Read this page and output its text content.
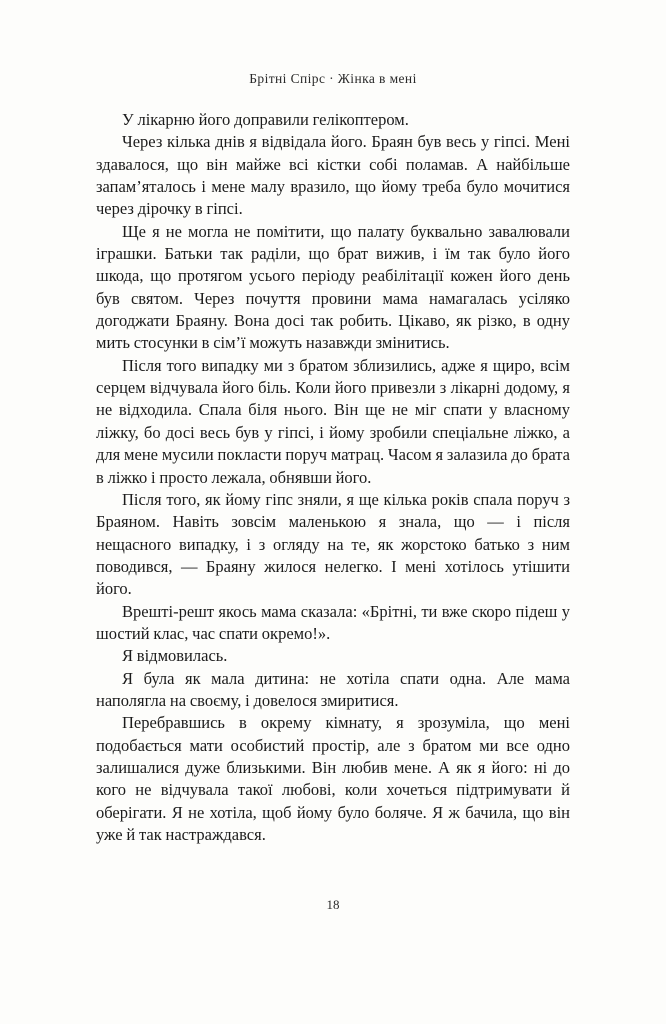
Брітні Спірс · Жінка в мені

У лікарню його доправили гелікоптером.

Через кілька днів я відвідала його. Браян був весь у гіпсі. Мені здавалося, що він майже всі кістки собі поламав. А найбільше запам’яталось і мене малу вразило, що йому треба було мочитися через дірочку в гіпсі.

Ще я не могла не помітити, що палату буквально завалювали іграшки. Батьки так раділи, що брат вижив, і їм так було його шкода, що протягом усього періоду реабілітації кожен його день був святом. Через почуття провини мама намагалась усіляко догоджати Браяну. Вона досі так робить. Цікаво, як різко, в одну мить стосунки в сім’ї можуть назавжди змінитись.

Після того випадку ми з братом зблизились, адже я щиро, всім серцем відчувала його біль. Коли його привезли з лікарні додому, я не відходила. Спала біля нього. Він ще не міг спати у власному ліжку, бо досі весь був у гіпсі, і йому зробили спеціальне ліжко, а для мене мусили покласти поруч матрац. Часом я залазила до брата в ліжко і просто лежала, обнявши його.

Після того, як йому гіпс зняли, я ще кілька років спала поруч з Браяном. Навіть зовсім маленькою я знала, що — і після нещасного випадку, і з огляду на те, як жорстоко батько з ним поводився, — Браяну жилося нелегко. І мені хотілось утішити його.

Врешті-решт якось мама сказала: «Брітні, ти вже скоро підеш у шостий клас, час спати окремо!».

Я відмовилась.

Я була як мала дитина: не хотіла спати одна. Але мама наполягла на своєму, і довелося змиритися.

Перебравшись в окрему кімнату, я зрозуміла, що мені подобається мати особистий простір, але з братом ми все одно залишалися дуже близькими. Він любив мене. А як я його: ні до кого не відчувала такої любові, коли хочеться підтримувати й оберігати. Я не хотіла, щоб йому було боляче. Я ж бачила, що він уже й так настраждався.

18
